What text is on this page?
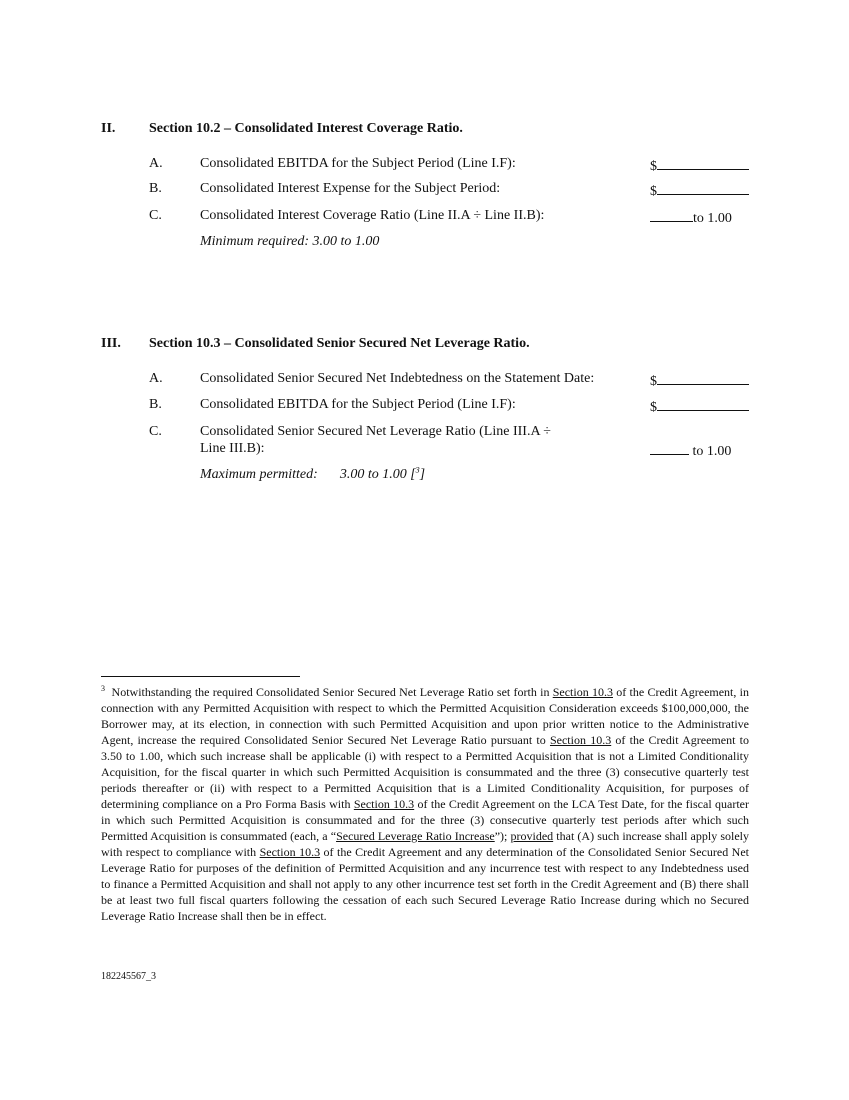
II. Section 10.2 – Consolidated Interest Coverage Ratio.
A.	Consolidated EBITDA for the Subject Period (Line I.F):	$
B.	Consolidated Interest Expense for the Subject Period:	$
C.	Consolidated Interest Coverage Ratio (Line II.A ÷ Line II.B):	to 1.00
Minimum required: 3.00 to 1.00
III. Section 10.3 – Consolidated Senior Secured Net Leverage Ratio.
A.	Consolidated Senior Secured Net Indebtedness on the Statement Date:	$
B.	Consolidated EBITDA for the Subject Period (Line I.F):	$
C.	Consolidated Senior Secured Net Leverage Ratio (Line III.A ÷
Line III.B):	to 1.00
Maximum permitted: 3.00 to 1.00 [$^3$]
$^3$ Notwithstanding the required Consolidated Senior Secured Net Leverage Ratio set forth in Section 10.3 of the Credit Agreement, in connection with any Permitted Acquisition with respect to which the Permitted Acquisition Consideration exceeds $100,000,000, the Borrower may, at its election, in connection with such Permitted Acquisition and upon prior written notice to the Administrative Agent, increase the required Consolidated Senior Secured Net Leverage Ratio pursuant to Section 10.3 of the Credit Agreement to 3.50 to 1.00, which such increase shall be applicable (i) with respect to a Permitted Acquisition that is not a Limited Conditionality Acquisition, for the fiscal quarter in which such Permitted Acquisition is consummated and the three (3) consecutive quarterly test periods thereafter or (ii) with respect to a Permitted Acquisition that is a Limited Conditionality Acquisition, for purposes of determining compliance on a Pro Forma Basis with Section 10.3 of the Credit Agreement on the LCA Test Date, for the fiscal quarter in which such Permitted Acquisition is consummated and for the three (3) consecutive quarterly test periods after which such Permitted Acquisition is consummated (each, a “Secured Leverage Ratio Increase”); provided that (A) such increase shall apply solely with respect to compliance with Section 10.3 of the Credit Agreement and any determination of the Consolidated Senior Secured Net Leverage Ratio for purposes of the definition of Permitted Acquisition and any incurrence test with respect to any Indebtedness used to finance a Permitted Acquisition and shall not apply to any other incurrence test set forth in the Credit Agreement and (B) there shall be at least two full fiscal quarters following the cessation of each such Secured Leverage Ratio Increase during which no Secured Leverage Ratio Increase shall then be in effect.
182245567_3
